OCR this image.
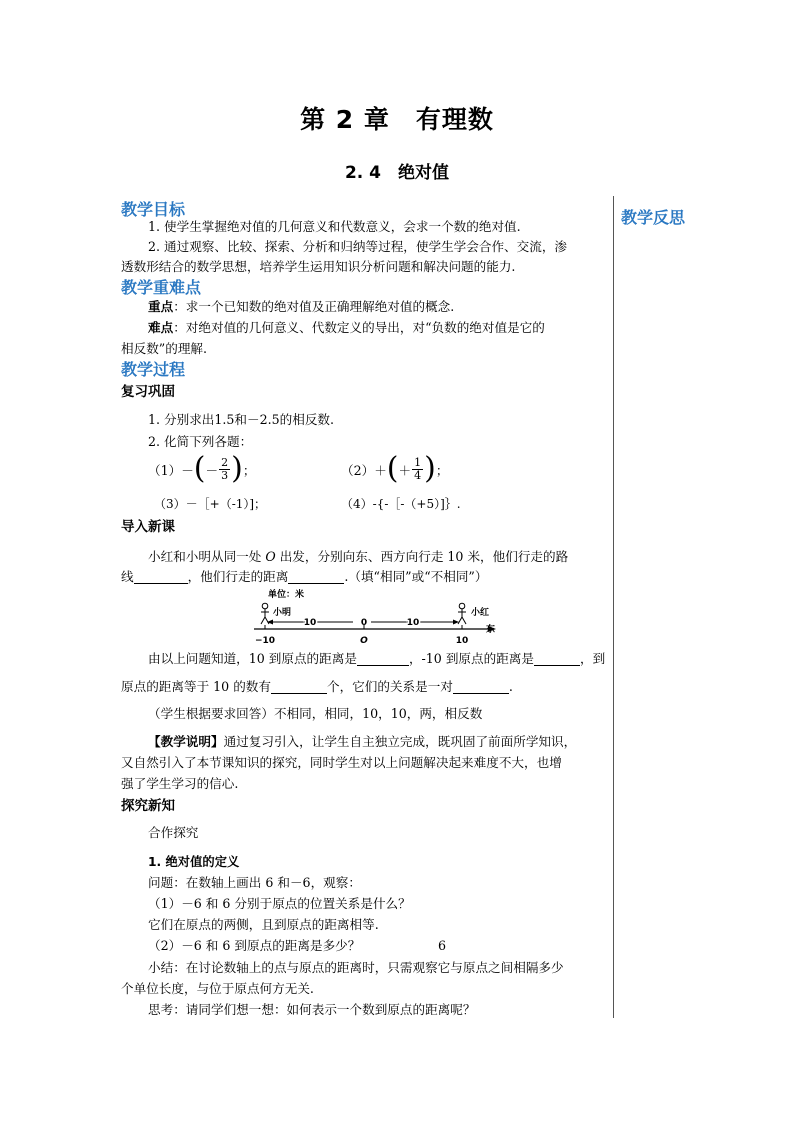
第 2 章　有理数
2. 4　绝对值
教学反思
教学目标
1. 使学生掌握绝对值的几何意义和代数意义，会求一个数的绝对值.
2. 通过观察、比较、探索、分析和归纳等过程，使学生学会合作、交流，渗
透数形结合的数学思想，培养学生运用知识分析问题和解决问题的能力.
教学重难点
重点：求一个已知数的绝对值及正确理解绝对值的概念.
难点：对绝对值的几何意义、代数定义的导出，对“负数的绝对值是它的
相反数”的理解.
教学过程
复习巩固
1. 分别求出1.5和－2.5的相反数.
2. 化简下列各题：
（1） － ( － $\frac{2}{3}$ ) ；	（2） ＋ ( ＋ $\frac{1}{4}$ ) ；
（3）－［+（-1）]；	（4）-{-［-（+5）]｝.
导入新课
小红和小明从同一处 O 出发，分别向东、西方向行走 10 米，他们行走的路
线	，他们行走的距离	.（填“相同”或“不相同”）
单位：米
小明	小红
10	0	10
东
−10	O	10
由以上问题知道，10 到原点的距离是	，-10 到原点的距离是	，到
原点的距离等于 10 的数有	个，它们的关系是一对	.
（学生根据要求回答）不相同，相同，10，10，两，相反数
【教学说明】通过复习引入，让学生自主独立完成，既巩固了前面所学知识，
又自然引入了本节课知识的探究，同时学生对以上问题解决起来难度不大，也增
强了学生学习的信心.
探究新知
合作探究
1. 绝对值的定义
问题：在数轴上画出 6 和－6，观察：
（1）－6 和 6 分别于原点的位置关系是什么？
它们在原点的两侧，且到原点的距离相等.
（2）－6 和 6 到原点的距离是多少？	6
小结：在讨论数轴上的点与原点的距离时，只需观察它与原点之间相隔多少
个单位长度，与位于原点何方无关.
思考：请同学们想一想：如何表示一个数到原点的距离呢？
